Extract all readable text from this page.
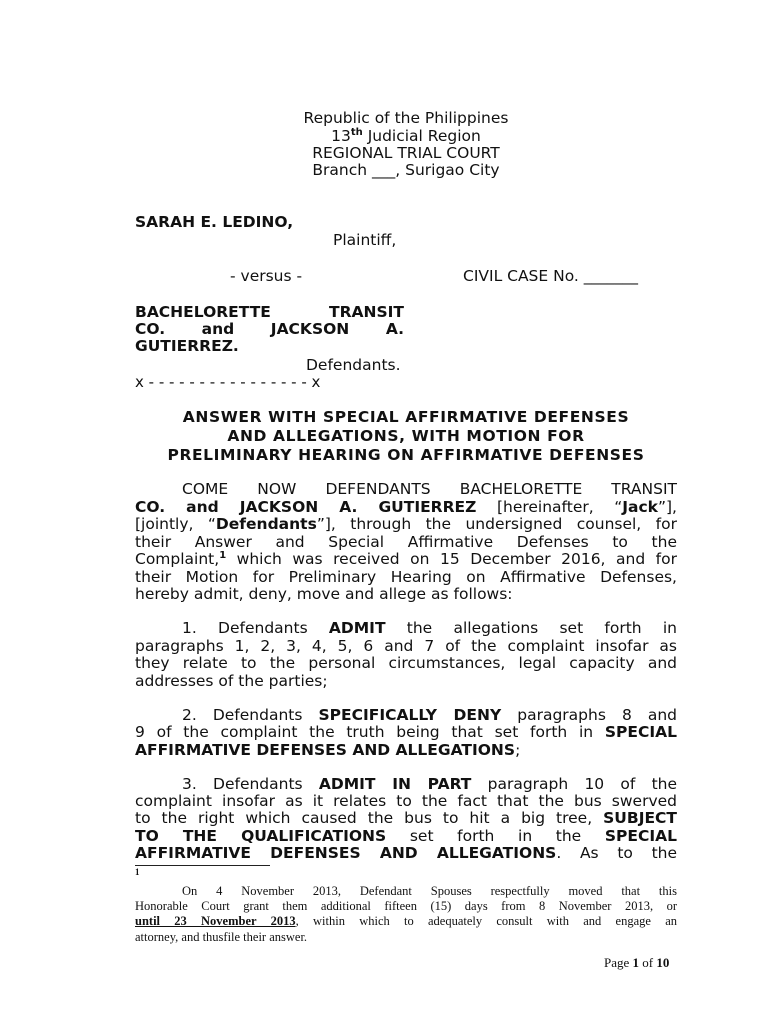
Republic of the Philippines
13th Judicial Region
REGIONAL TRIAL COURT
Branch ___, Surigao City
SARAH E. LEDINO,
Plaintiff,
- versus -	CIVIL CASE No. _______
BACHELORETTE	TRANSIT
CO. and JACKSON A.
GUTIERREZ.
Defendants.
x - - - - - - - - - - - - - - - - x
ANSWER WITH SPECIAL AFFIRMATIVE DEFENSES
AND ALLEGATIONS, WITH MOTION FOR
PRELIMINARY HEARING ON AFFIRMATIVE DEFENSES
COME NOW DEFENDANTS BACHELORETTE TRANSIT
CO. and JACKSON A. GUTIERREZ [hereinafter, “Jack”],
[jointly, “Defendants”], through the undersigned counsel, for
their Answer and Special Affirmative Defenses to the
Complaint,$^1$ which was received on 15 December 2016, and for
their Motion for Preliminary Hearing on Affirmative Defenses,
hereby admit, deny, move and allege as follows:
1. Defendants ADMIT the allegations set forth in
paragraphs 1, 2, 3, 4, 5, 6 and 7 of the complaint insofar as
they relate to the personal circumstances, legal capacity and
addresses of the parties;
2. Defendants SPECIFICALLY DENY paragraphs 8 and
9 of the complaint the truth being that set forth in SPECIAL
AFFIRMATIVE DEFENSES AND ALLEGATIONS;
3. Defendants ADMIT IN PART paragraph 10 of the
complaint insofar as it relates to the fact that the bus swerved
to the right which caused the bus to hit a big tree, SUBJECT
TO THE QUALIFICATIONS set forth in the SPECIAL
AFFIRMATIVE DEFENSES AND ALLEGATIONS. As to the
1
On 4 November 2013, Defendant Spouses respectfully moved that this
Honorable Court grant them additional fifteen (15) days from 8 November 2013, or
until 23 November 2013, within which to adequately consult with and engage an
attorney, and thusfile their answer.
Page 1 of 10
